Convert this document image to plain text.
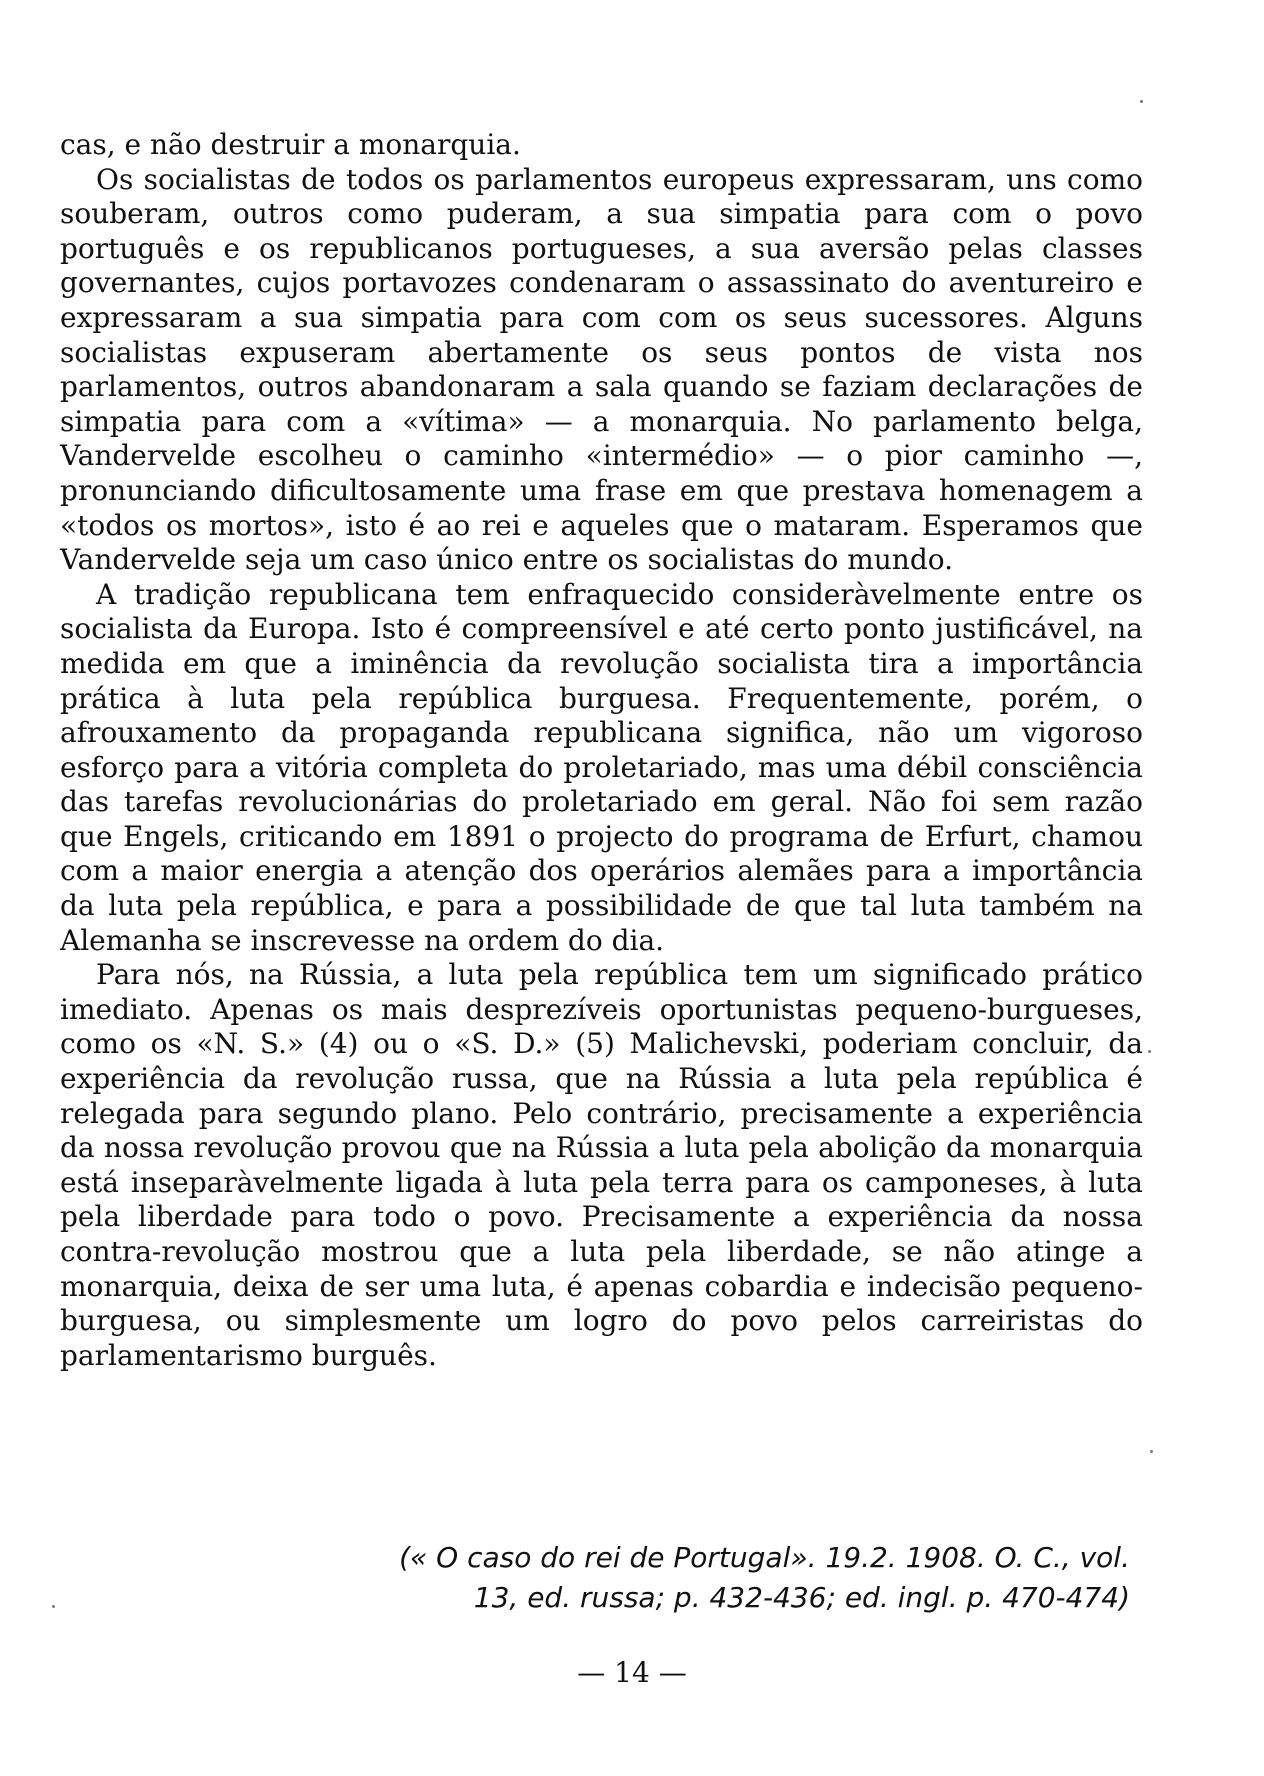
cas, e não destruir a monarquia.

Os socialistas de todos os parlamentos europeus expressaram, uns como souberam, outros como puderam, a sua simpatia para com o povo português e os republicanos portugueses, a sua aversão pelas classes governantes, cujos portavozes condenaram o assassinato do aventureiro e expressaram a sua simpatia para com com os seus sucessores. Alguns socialistas expuseram abertamente os seus pontos de vista nos parlamentos, outros abandonaram a sala quando se faziam declarações de simpatia para com a «vítima» — a monarquia. No parlamento belga, Vandervelde escolheu o caminho «intermédio» — o pior caminho —, pronunciando dificultosamente uma frase em que prestava homenagem a «todos os mortos», isto é ao rei e aqueles que o mataram. Esperamos que Vandervelde seja um caso único entre os socialistas do mundo.

A tradição republicana tem enfraquecido consideràvelmente entre os socialista da Europa. Isto é compreensível e até certo ponto justificável, na medida em que a iminência da revolução socialista tira a importância prática à luta pela república burguesa. Frequentemente, porém, o afrouxamento da propaganda republicana significa, não um vigoroso esforço para a vitória completa do proletariado, mas uma débil consciência das tarefas revolucionárias do proletariado em geral. Não foi sem razão que Engels, criticando em 1891 o projecto do programa de Erfurt, chamou com a maior energia a atenção dos operários alemães para a importância da luta pela república, e para a possibilidade de que tal luta também na Alemanha se inscrevesse na ordem do dia.

Para nós, na Rússia, a luta pela república tem um significado prático imediato. Apenas os mais desprezíveis oportunistas pequeno-burgueses, como os «N. S.» (4) ou o «S. D.» (5) Malichevski, poderiam concluir, da experiência da revolução russa, que na Rússia a luta pela república é relegada para segundo plano. Pelo contrário, precisamente a experiência da nossa revolução provou que na Rússia a luta pela abolição da monarquia está inseparàvelmente ligada à luta pela terra para os camponeses, à luta pela liberdade para todo o povo. Precisamente a experiência da nossa contra-revolução mostrou que a luta pela liberdade, se não atinge a monarquia, deixa de ser uma luta, é apenas cobardia e indecisão pequeno-burguesa, ou simplesmente um logro do povo pelos carreiristas do parlamentarismo burguês.

(« O caso do rei de Portugal». 19.2. 1908. O. C., vol.
13, ed. russa; p. 432-436; ed. ingl. p. 470-474)

— 14 —
